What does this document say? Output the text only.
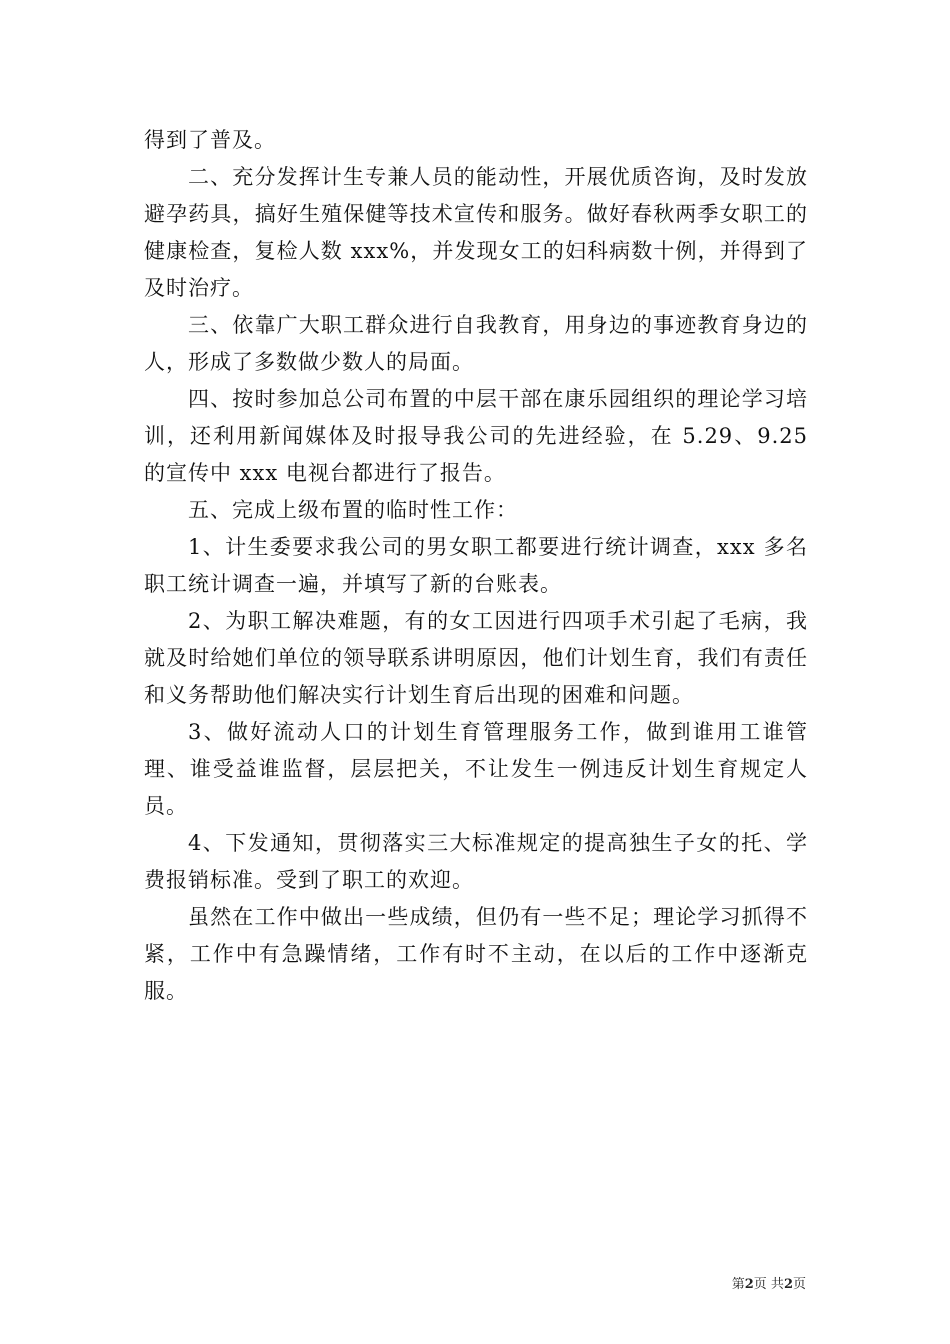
得到了普及。

二、充分发挥计生专兼人员的能动性，开展优质咨询，及时发放避孕药具，搞好生殖保健等技术宣传和服务。做好春秋两季女职工的健康检查，复检人数 xxx%，并发现女工的妇科病数十例，并得到了及时治疗。

三、依靠广大职工群众进行自我教育，用身边的事迹教育身边的人，形成了多数做少数人的局面。

四、按时参加总公司布置的中层干部在康乐园组织的理论学习培训，还利用新闻媒体及时报导我公司的先进经验，在 5.29、9.25 的宣传中 xxx 电视台都进行了报告。

五、完成上级布置的临时性工作：

1、计生委要求我公司的男女职工都要进行统计调查，xxx 多名职工统计调查一遍，并填写了新的台账表。

2、为职工解决难题，有的女工因进行四项手术引起了毛病，我就及时给她们单位的领导联系讲明原因，他们计划生育，我们有责任和义务帮助他们解决实行计划生育后出现的困难和问题。

3、做好流动人口的计划生育管理服务工作，做到谁用工谁管理、谁受益谁监督，层层把关，不让发生一例违反计划生育规定人员。

4、下发通知，贯彻落实三大标准规定的提高独生子女的托、学费报销标准。受到了职工的欢迎。

虽然在工作中做出一些成绩，但仍有一些不足；理论学习抓得不紧，工作中有急躁情绪，工作有时不主动，在以后的工作中逐渐克服。

第2页 共2页
